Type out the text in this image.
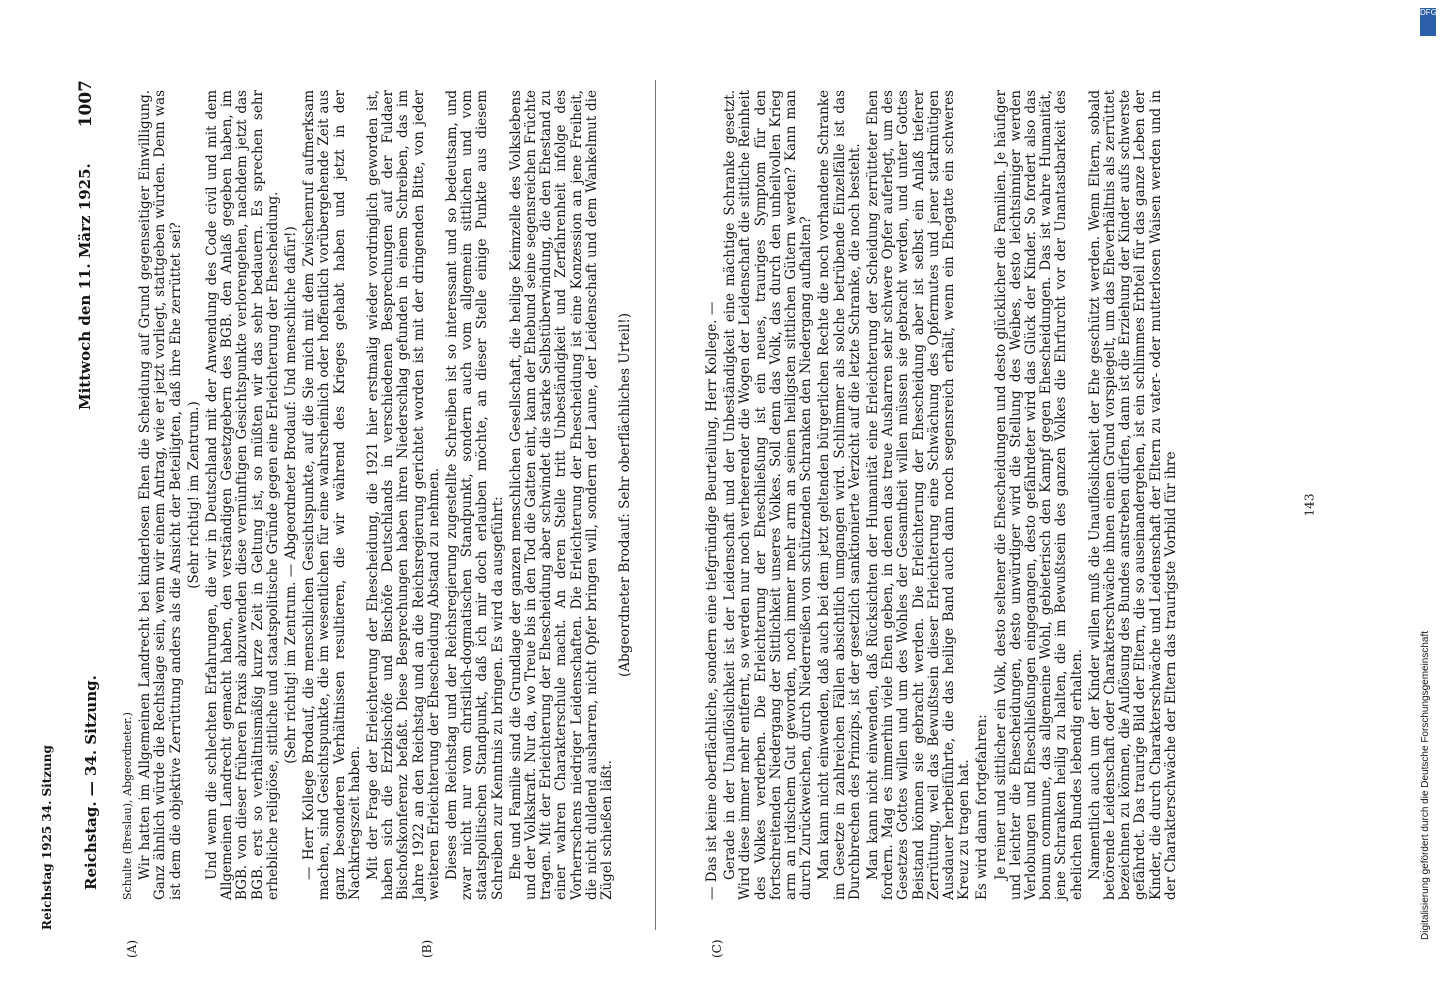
Reichstag. — 34. Sitzung.
Mittwoch den 11. März 1925.
1007

Schulte (Breslau), Abgeordneter.) Wir hatten im Allgemeinen Landrecht bei kinderlosen Ehen die Scheidung auf Grund gegenseitiger Einwilligung. Ganz ähnlich würde die Rechtslage sein, wenn wir einem Antrag, wie er jetzt vorliegt, stattgeben würden. Denn was ist dem die objektive Zerrüttung anders als die Ansicht der Beteiligten, daß ihre Ehe zerrüttet sei? (Sehr richtig! im Zentrum.) Und wenn die schlechten Erfahrungen, die wir in Deutschland mit der Anwendung des Code civil und mit dem Allgemeinen Landrecht gemacht haben, den verständigen Gesetzgebern des BGB. den Anlaß gegeben haben, im BGB. von dieser früheren Praxis abzuwenden diese vernünftigen Gesichtspunkte verlorengehen, nachdem jetzt das BGB. erst so verhältnismäßig kurze Zeit in Geltung ist, so müßten wir das sehr bedauern. Es sprechen sehr erhebliche religiöse, sittliche und staatspolitische Gründe gegen eine Erleichterung der Ehescheidung. (Sehr richtig! im Zentrum. — Abgeordneter Brodauf: Und menschliche dafür!) — Herr Kollege Brodauf, die menschlichen Gesichtspunkte, auf die Sie mich mit dem Zwischenruf aufmerksam machen, sind Gesichtspunkte, die im wesentlichen für eine wahrscheinlich oder hoffentlich vorübergehende Zeit aus ganz besonderen Verhältnissen resultieren, die wir während des Krieges gehabt haben und jetzt in der Nachkriegszeit haben. Mit der Frage der Erleichterung der Ehescheidung, die 1921 hier erstmalig wieder vordringlich geworden ist, haben sich die Erzbischöfe und Bischöfe Deutschlands in verschiedenen Besprechungen auf der Fuldaer Bischofskonferenz befaßt. Diese Besprechungen haben ihren Niederschlag gefunden in einem Schreiben, das im Jahre 1922 an den Reichstag und an die Reichsregierung gerichtet worden ist mit der dringenden Bitte, von jeder weiteren Erleichterung der Ehescheidung Abstand zu nehmen. Dieses dem Reichstag und der Reichsregierung zugestellte Schreiben ist so interessant und so bedeutsam, und zwar nicht nur vom christlich-dogmatischen Standpunkt, sondern auch vom allgemein sittlichen und vom staatspolitischen Standpunkt, daß ich mir doch erlauben möchte, an dieser Stelle einige Punkte aus diesem Schreiben zur Kenntnis zu bringen. Es wird da ausgeführt: Ehe und Familie sind die Grundlage der ganzen menschlichen Gesellschaft, die heilige Keimzelle des Volkslebens und der Volkskraft. Nur da, wo Treue bis in den Tod die Gatten eint, kann der Ehebund seine segensreichen Früchte tragen. Mit der Erleichterung der Ehescheidung aber schwindet die starke Selbstüberwindung, die den Ehestand zu einer wahren Charakterschule macht. An deren Stelle tritt Unbeständigkeit und Zerfahrenheit infolge des Vorherrschens niedriger Leidenschaften. Die Erleichterung der Ehescheidung ist eine Konzession an jene Freiheit, die nicht duldend ausharren, nicht Opfer bringen will, sondern der Laune, der Leidenschaft und dem Wankelmut die Zügel schießen läßt.

(Abgeordneter Brodauf: Sehr oberflächliches Urteil!)	— Das ist keine oberflächliche, sondern eine tiefgründige Beurteilung, Herr Kollege. — Gerade in der Unauflöslichkeit ist der Leidenschaft und der Unbeständigkeit eine mächtige Schranke gesetzt. Wird diese immer mehr entfernt, so werden nur noch verheerender die Wogen der Leidenschaft die sittliche Reinheit des Volkes verderben. Die Erleichterung der Eheschließung ist ein neues, trauriges Symptom für den fortschreitenden Niedergang der Sittlichkeit unseres Volkes. Soll denn das Volk, das durch den unheilvollen Krieg arm an irdischem Gut geworden, noch immer mehr arm an seinen heiligsten sittlichen Gütern werden? Kann man durch Zurückweichen, durch Niederreißen von schützenden Schranken den Niedergang aufhalten? Man kann nicht einwenden, daß auch bei dem jetzt geltenden bürgerlichen Rechte die noch vorhandene Schranke im Gesetze in zahlreichen Fällen absichtlich umgangen wird. Schlimmer als solche betrübende Einzelfälle ist das Durchbrechen des Prinzips, ist der gesetzlich sanktionierte Verzicht auf die letzte Schranke, die noch besteht. Man kann nicht einwenden, daß Rücksichten der Humanität eine Erleichterung der Scheidung zerrütteter Ehen fordern. Mag es immerhin viele Ehen geben, in denen das treue Ausharren sehr schwere Opfer auferlegt, um des Gesetzes Gottes willen und um des Wohles der Gesamtheit willen müssen sie gebracht werden, und unter Gottes Beistand können sie gebracht werden. Die Erleichterung der Ehescheidung aber ist selbst ein Anlaß tieferer Zerrüttung, weil das Bewußtsein dieser Erleichterung eine Schwächung des Opfermutes und jener starkmütigen Ausdauer herbeiführte, die das heilige Band auch dann noch segensreich erhält, wenn ein Ehegatte ein schweres Kreuz zu tragen hat. Es wird dann fortgefahren: Je reiner und sittlicher ein Volk, desto seltener die Ehescheidungen und desto glücklicher die Familien. Je häufiger und leichter die Ehescheidungen, desto unwürdiger wird die Stellung des Weibes, desto leichtsinniger werden Verlobungen und Eheschließungen eingegangen, desto gefährdeter wird das Glück der Kinder. So fordert also das bonum commune, das allgemeine Wohl, gebieterisch den Kampf gegen Ehescheidungen. Das ist wahre Humanität, jene Schranken heilig zu halten, die im Bewußtsein des ganzen Volkes die Ehrfurcht vor der Unantastbarkeit des ehelichen Bundes lebendig erhalten. Namentlich auch um der Kinder willen muß die Unauflöslichkeit der Ehe geschützt werden. Wenn Eltern, sobald betörende Leidenschaft oder Charakterschwäche ihnen einen Grund vorspiegelt, um das Eheverhältnis als zerrüttet bezeichnen zu können, die Auflösung des Bundes anstreben dürfen, dann ist die Erziehung der Kinder aufs schwerste gefährdet. Das traurige Bild der Eltern, die so auseinandergehen, ist ein schlimmes Erbteil für das ganze Leben der Kinder, die durch Charakterschwäche und Leidenschaft der Eltern zu vater- oder mutterlosen Waisen werden und in der Charakterschwäche der Eltern das traurigste Vorbild für ihre

(A)	(B)	(C)
Reichstag 1925 34. Sitzung
143
Digitalisierung gefördert durch die Deutsche Forschungsgemeinschaft
DFG
